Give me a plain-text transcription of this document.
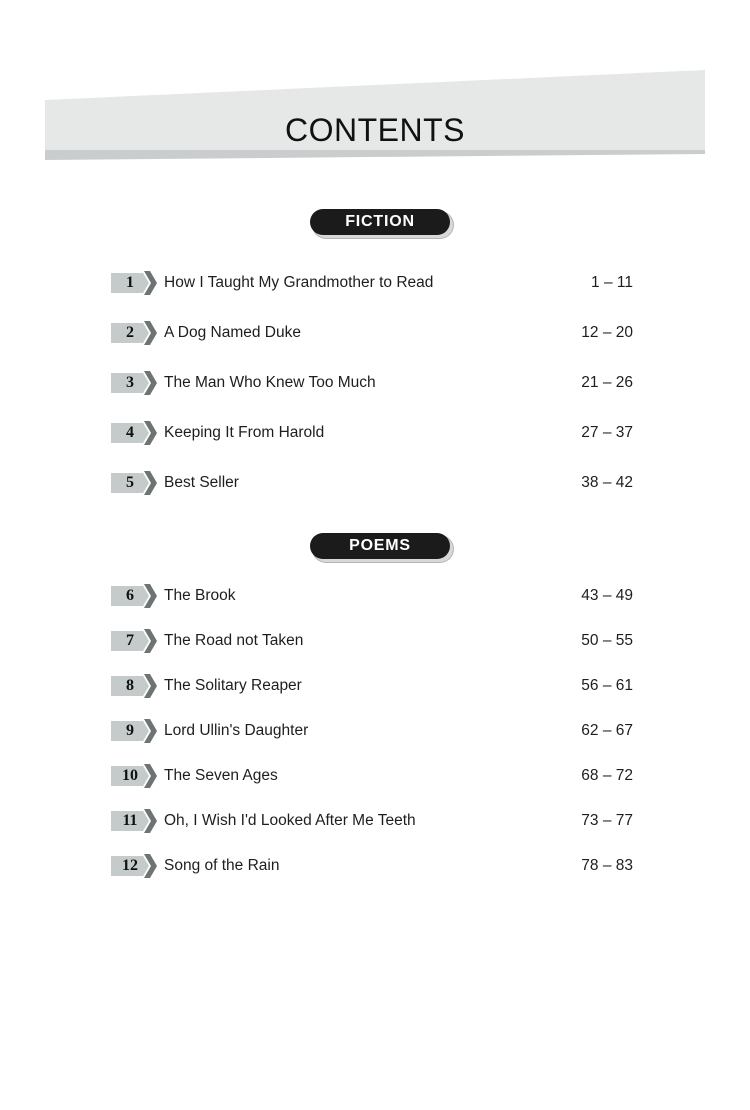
CONTENTS
FICTION
1	How I Taught My Grandmother to Read	1 – 11
2	A Dog Named Duke	12 – 20
3	The Man Who Knew Too Much	21 – 26
4	Keeping It From Harold	27 – 37
5	Best Seller	38 – 42
POEMS
6	The Brook	43 – 49
7	The Road not Taken	50 – 55
8	The Solitary Reaper	56 – 61
9	Lord Ullin's Daughter	62 – 67
10	The Seven Ages	68 – 72
11	Oh, I Wish I'd Looked After Me Teeth	73 – 77
12	Song of the Rain	78 – 83
